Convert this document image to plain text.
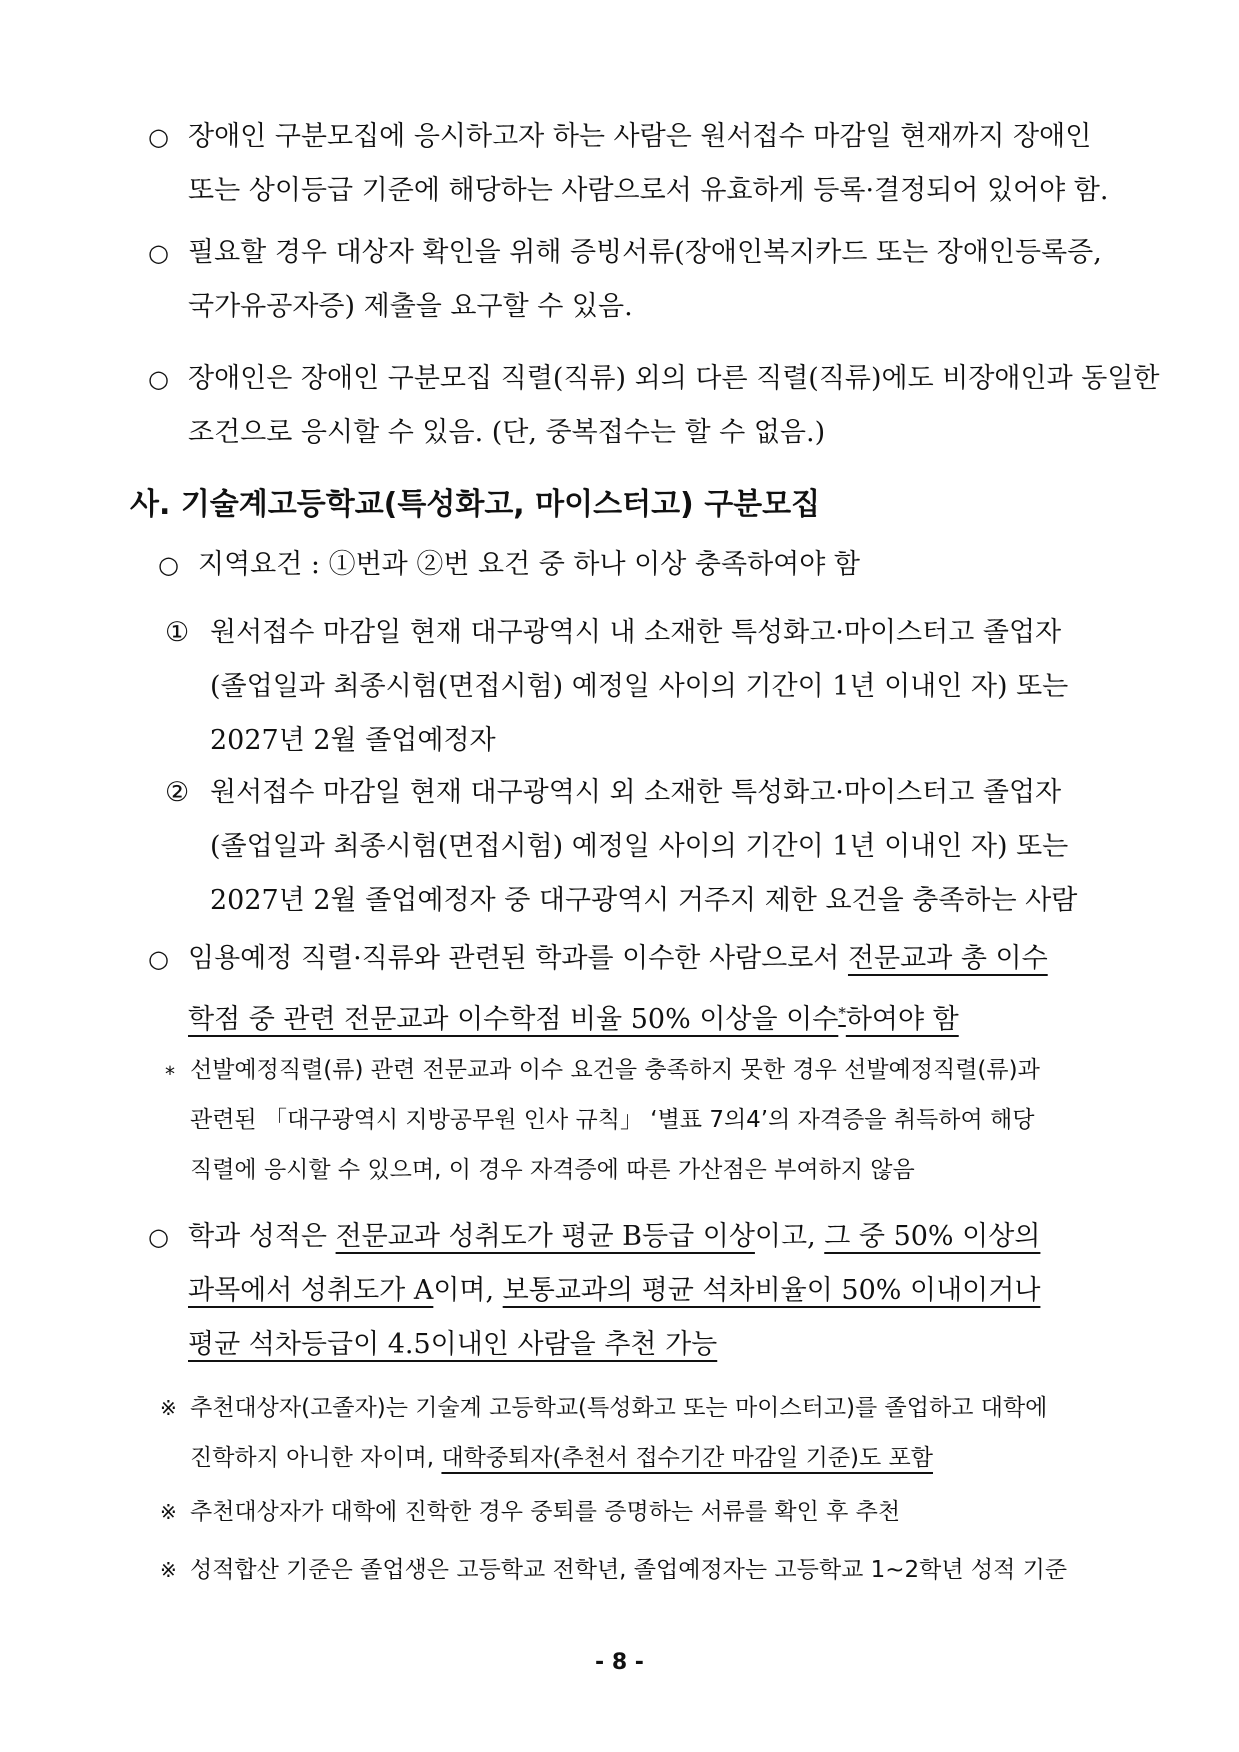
○ 장애인 구분모집에 응시하고자 하는 사람은 원서접수 마감일 현재까지 장애인
또는 상이등급 기준에 해당하는 사람으로서 유효하게 등록·결정되어 있어야 함.
○ 필요할 경우 대상자 확인을 위해 증빙서류(장애인복지카드 또는 장애인등록증,
국가유공자증) 제출을 요구할 수 있음.
○ 장애인은 장애인 구분모집 직렬(직류) 외의 다른 직렬(직류)에도 비장애인과 동일한
조건으로 응시할 수 있음. (단, 중복접수는 할 수 없음.)
사. 기술계고등학교(특성화고, 마이스터고) 구분모집
○ 지역요건 : ①번과 ②번 요건 중 하나 이상 충족하여야 함
① 원서접수 마감일 현재 대구광역시 내 소재한 특성화고·마이스터고 졸업자
(졸업일과 최종시험(면접시험) 예정일 사이의 기간이 1년 이내인 자) 또는
2027년 2월 졸업예정자
② 원서접수 마감일 현재 대구광역시 외 소재한 특성화고·마이스터고 졸업자
(졸업일과 최종시험(면접시험) 예정일 사이의 기간이 1년 이내인 자) 또는
2027년 2월 졸업예정자 중 대구광역시 거주지 제한 요건을 충족하는 사람
○ 임용예정 직렬·직류와 관련된 학과를 이수한 사람으로서 전문교과 총 이수
학점 중 관련 전문교과 이수학점 비율 50% 이상을 이수*하여야 함
* 선발예정직렬(류) 관련 전문교과 이수 요건을 충족하지 못한 경우 선발예정직렬(류)과
관련된 「대구광역시 지방공무원 인사 규칙」 ‘별표 7의4’의 자격증을 취득하여 해당
직렬에 응시할 수 있으며, 이 경우 자격증에 따른 가산점은 부여하지 않음
○ 학과 성적은 전문교과 성취도가 평균 B등급 이상이고, 그 중 50% 이상의
과목에서 성취도가 A이며, 보통교과의 평균 석차비율이 50% 이내이거나
평균 석차등급이 4.5이내인 사람을 추천 가능
※ 추천대상자(고졸자)는 기술계 고등학교(특성화고 또는 마이스터고)를 졸업하고 대학에
진학하지 아니한 자이며, 대학중퇴자(추천서 접수기간 마감일 기준)도 포함
※ 추천대상자가 대학에 진학한 경우 중퇴를 증명하는 서류를 확인 후 추천
※ 성적합산 기준은 졸업생은 고등학교 전학년, 졸업예정자는 고등학교 1~2학년 성적 기준
- 8 -
